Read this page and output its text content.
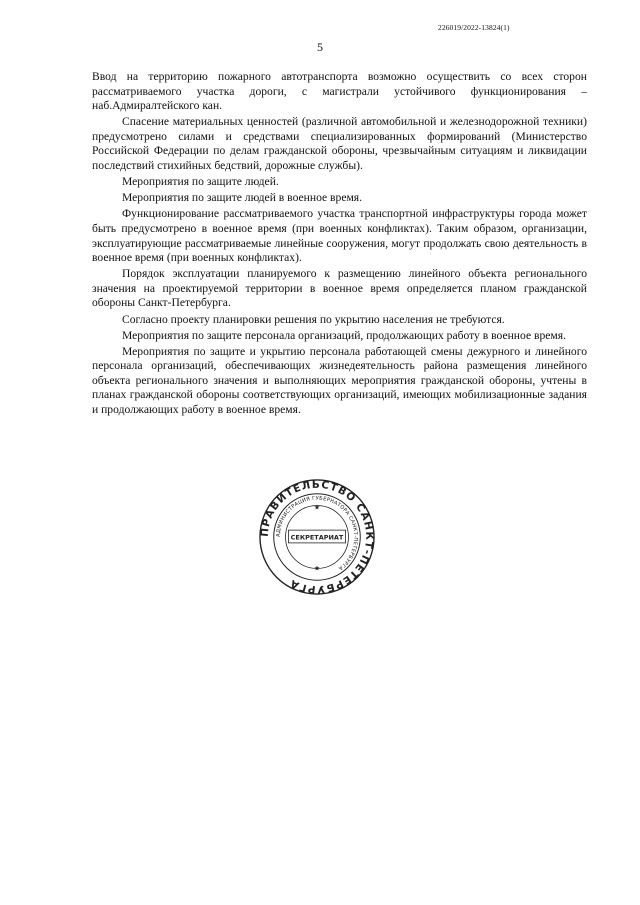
226019/2022-13824(1)
5

Ввод на территорию пожарного автотранспорта возможно осуществить со всех сторон рассматриваемого участка дороги, с магистрали устойчивого функционирования – наб.Адмиралтейского кан.

Спасение материальных ценностей (различной автомобильной и железнодорожной техники) предусмотрено силами и средствами специализированных формирований (Министерство Российской Федерации по делам гражданской обороны, чрезвычайным ситуациям и ликвидации последствий стихийных бедствий, дорожные службы).

Мероприятия по защите людей.

Мероприятия по защите людей в военное время.

Функционирование рассматриваемого участка транспортной инфраструктуры города может быть предусмотрено в военное время (при военных конфликтах). Таким образом, организации, эксплуатирующие рассматриваемые линейные сооружения, могут продолжать свою деятельность в военное время (при военных конфликтах).

Порядок эксплуатации планируемого к размещению линейного объекта регионального значения на проектируемой территории в военное время определяется планом гражданской обороны Санкт-Петербурга.

Согласно проекту планировки решения по укрытию населения не требуются.

Мероприятия по защите персонала организаций, продолжающих работу в военное время.

Мероприятия по защите и укрытию персонала работающей смены дежурного и линейного персонала организаций, обеспечивающих жизнедеятельность района размещения линейного объекта регионального значения и выполняющих мероприятия гражданской обороны, учтены в планах гражданской обороны соответствующих организаций, имеющих мобилизационные задания и продолжающих работу в военное время.

ПРАВИТЕЛЬСТВО САНКТ-ПЕТЕРБУРГА
АДМИНИСТРАЦИЯ ГУБЕРНАТОРА САНКТ-ПЕТЕРБУРГА
СЕКРЕТАРИАТ
★
★
